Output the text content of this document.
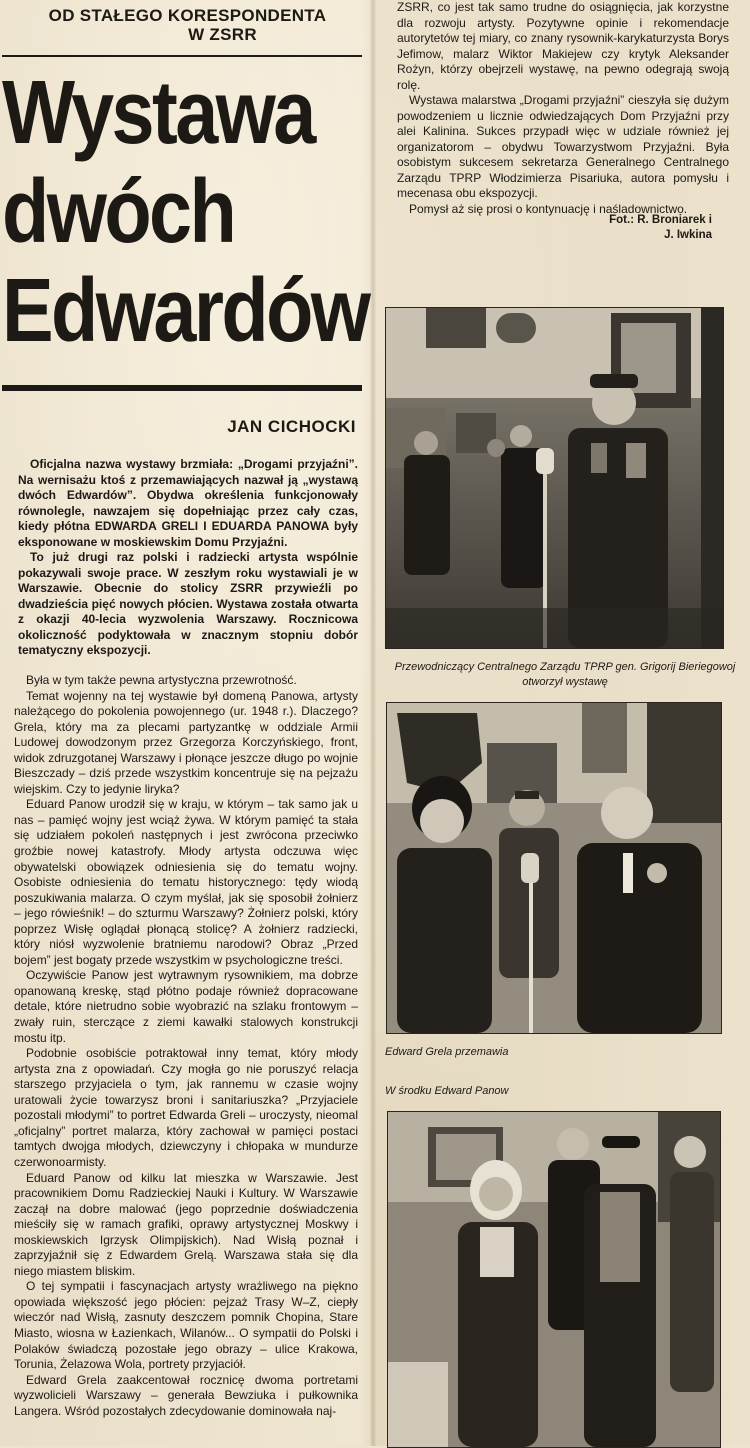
OD STAŁEGO KORESPONDENTA
W ZSRR
Wystawa
dwóch
Edwardów
JAN CICHOCKI

Oficjalna nazwa wystawy brzmiała: „Drogami przyjaźni”. Na wernisażu ktoś z przemawiających nazwał ją „wystawą dwóch Edwardów”. Obydwa określenia funkcjonowały równolegle, nawzajem się dopełniając przez cały czas, kiedy płótna EDWARDA GRELI I EDUARDA PANOWA były eksponowane w moskiewskim Domu Przyjaźni.

To już drugi raz polski i radziecki artysta wspólnie pokazywali swoje prace. W zeszłym roku wystawiali je w Warszawie. Obecnie do stolicy ZSRR przywieźli po dwadzieścia pięć nowych płócien. Wystawa została otwarta z okazji 40-lecia wyzwolenia Warszawy. Rocznicowa okoliczność podyktowała w znacznym stopniu dobór tematyczny ekspozycji.

Była w tym także pewna artystyczna przewrotność.

Temat wojenny na tej wystawie był domeną Panowa, artysty należącego do pokolenia powojennego (ur. 1948 r.). Dlaczego? Grela, który ma za plecami partyzantkę w oddziale Armii Ludowej dowodzonym przez Grzegorza Korczyńskiego, front, widok zdruzgotanej Warszawy i płonące jeszcze długo po wojnie Bieszczady – dziś przede wszystkim koncentruje się na pejzażu wiejskim. Czy to jedynie liryka?

Eduard Panow urodził się w kraju, w którym – tak samo jak u nas – pamięć wojny jest wciąż żywa. W którym pamięć ta stała się udziałem pokoleń następnych i jest zwrócona przeciwko groźbie nowej katastrofy. Młody artysta odczuwa więc obywatelski obowiązek odniesienia się do tematu wojny. Osobiste odniesienia do tematu historycznego: tędy wiodą poszukiwania malarza. O czym myślał, jak się sposobił żołnierz – jego rówieśnik! – do szturmu Warszawy? Żołnierz polski, który poprzez Wisłę oglądał płonącą stolicę? A żołnierz radziecki, który niósł wyzwolenie bratniemu narodowi? Obraz „Przed bojem” jest bogaty przede wszystkim w psychologiczne treści.

Oczywiście Panow jest wytrawnym rysownikiem, ma dobrze opanowaną kreskę, stąd płótno podaje również dopracowane detale, które nietrudno sobie wyobrazić na szlaku frontowym – zwały ruin, sterczące z ziemi kawałki stalowych konstrukcji mostu itp.

Podobnie osobiście potraktował inny temat, który młody artysta zna z opowiadań. Czy mogła go nie poruszyć relacja starszego przyjaciela o tym, jak rannemu w czasie wojny uratowali życie towarzysz broni i sanitariuszka? „Przyjaciele pozostali młodymi” to portret Edwarda Greli – uroczysty, nieomal „oficjalny” portret malarza, który zachował w pamięci postaci tamtych dwojga młodych, dziewczyny i chłopaka w mundurze czerwonoarmisty.

Eduard Panow od kilku lat mieszka w Warszawie. Jest pracownikiem Domu Radzieckiej Nauki i Kultury. W Warszawie zaczął na dobre malować (jego poprzednie doświadczenia mieściły się w ramach grafiki, oprawy artystycznej Moskwy i moskiewskich Igrzysk Olimpijskich). Nad Wisłą poznał i zaprzyjaźnił się z Edwardem Grelą. Warszawa stała się dla niego miastem bliskim.

O tej sympatii i fascynacjach artysty wrażliwego na piękno opowiada większość jego płócien: pejzaż Trasy W–Z, ciepły wieczór nad Wisłą, zasnuty deszczem pomnik Chopina, Stare Miasto, wiosna w Łazienkach, Wilanów... O sympatii do Polski i Polaków świadczą pozostałe jego obrazy – ulice Krakowa, Torunia, Żelazowa Wola, portrety przyjaciół.

Edward Grela zaakcentował rocznicę dwoma portretami wyzwolicieli Warszawy – generała Bewziuka i pułkownika Langera. Wśród pozostałych zdecydowanie dominowała naj-

ZSRR, co jest tak samo trudne do osiągnięcia, jak korzystne dla rozwoju artysty. Pozytywne opinie i rekomendacje autorytetów tej miary, co znany rysownik-karykaturzysta Borys Jefimow, malarz Wiktor Makiejew czy krytyk Aleksander Rożyn, którzy obejrzeli wystawę, na pewno odegrają swoją rolę.

Wystawa malarstwa „Drogami przyjaźni” cieszyła się dużym powodzeniem u licznie odwiedzających Dom Przyjaźni przy alei Kalinina. Sukces przypadł więc w udziale również jej organizatorom – obydwu Towarzystwom Przyjaźni. Była osobistym sukcesem sekretarza Generalnego Centralnego Zarządu TPRP Włodzimierza Pisariuka, autora pomysłu i mecenasa obu ekspozycji.

Pomysł aż się prosi o kontynuację i naśladownictwo.

Fot.: R. Broniarek i
J. Iwkina
Przewodniczący Centralnego Zarządu TPRP gen. Grigorij Bieriegowoj
otworzył wystawę
Edward Grela przemawia
W środku Edward Panow
